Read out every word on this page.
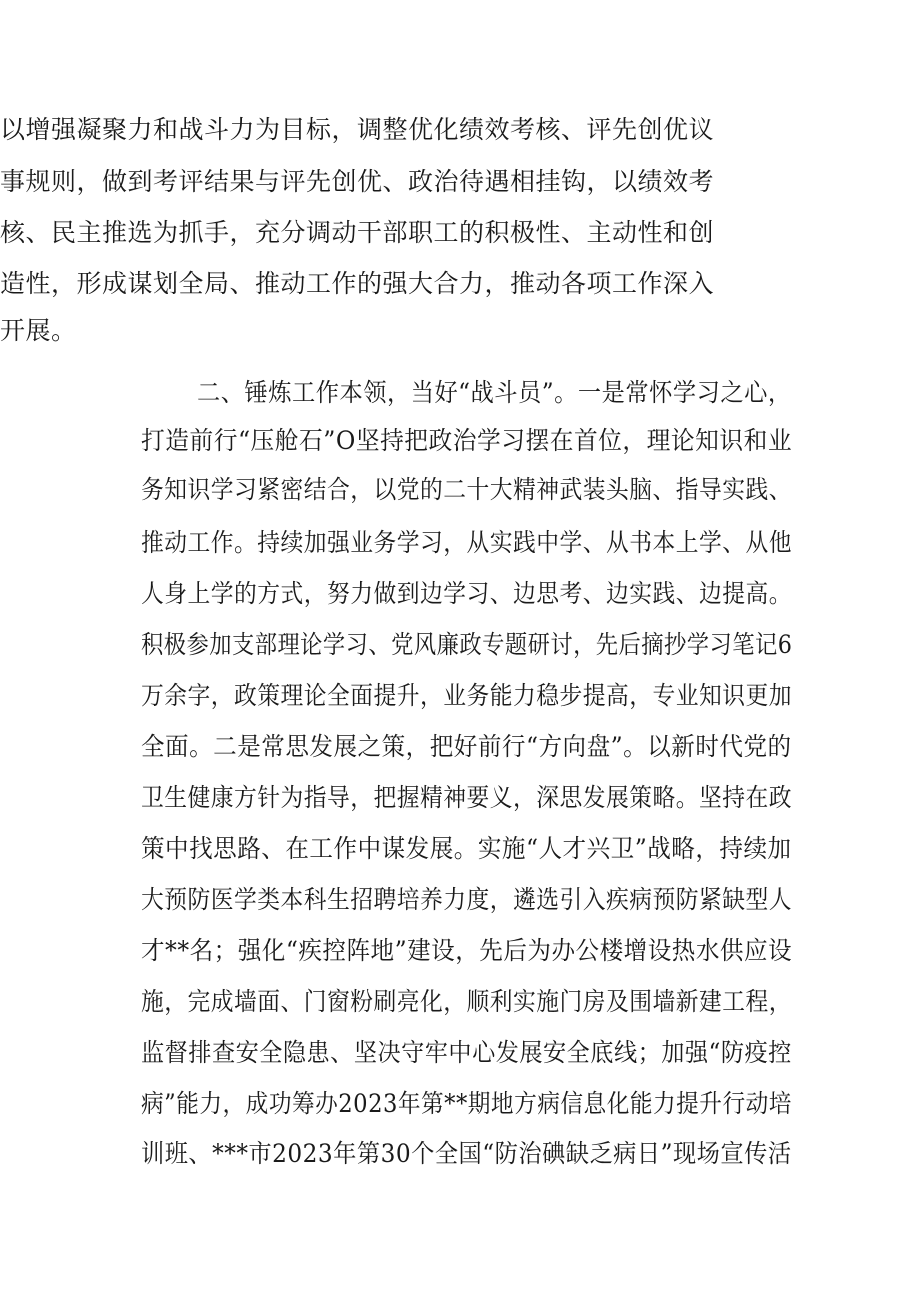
以增强凝聚力和战斗力为目标，调整优化绩效考核、评先创优议
事规则，做到考评结果与评先创优、政治待遇相挂钩，以绩效考
核、民主推选为抓手，充分调动干部职工的积极性、主动性和创
造性，形成谋划全局、推动工作的强大合力，推动各项工作深入
开展。
二、锤炼工作本领，当好“战斗员”。一是常怀学习之心，
打造前行“压舱石”O坚持把政治学习摆在首位，理论知识和业
务知识学习紧密结合，以党的二十大精神武装头脑、指导实践、
推动工作。持续加强业务学习，从实践中学、从书本上学、从他
人身上学的方式，努力做到边学习、边思考、边实践、边提高。
积极参加支部理论学习、党风廉政专题研讨，先后摘抄学习笔记6
万余字，政策理论全面提升，业务能力稳步提高，专业知识更加
全面。二是常思发展之策，把好前行“方向盘”。以新时代党的
卫生健康方针为指导，把握精神要义，深思发展策略。坚持在政
策中找思路、在工作中谋发展。实施“人才兴卫”战略，持续加
大预防医学类本科生招聘培养力度，遴选引入疾病预防紧缺型人
才**名；强化“疾控阵地”建设，先后为办公楼增设热水供应设
施，完成墙面、门窗粉刷亮化，顺利实施门房及围墙新建工程，
监督排查安全隐患、坚决守牢中心发展安全底线；加强“防疫控
病”能力，成功筹办2023年第**期地方病信息化能力提升行动培
训班、***市2023年第30个全国“防治碘缺乏病日”现场宣传活
